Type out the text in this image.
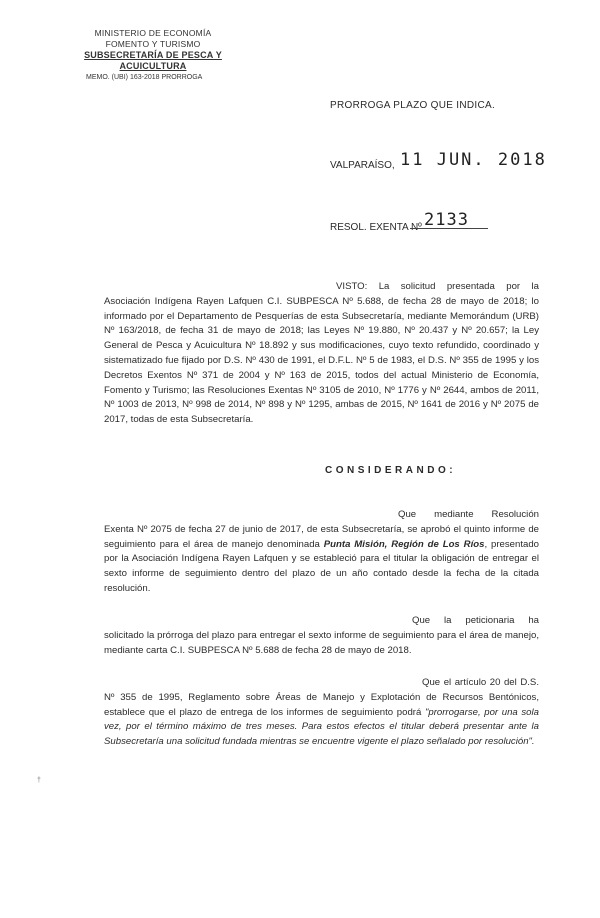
MINISTERIO DE ECONOMÍA
FOMENTO Y TURISMO
SUBSECRETARÍA DE PESCA Y ACUICULTURA
MEMO. (UBI) 163-2018 PRORROGA
PRORROGA PLAZO QUE INDICA.
VALPARAÍSO, 11 JUN. 2018
RESOL. EXENTA Nº 2133
VISTO: La solicitud presentada por la Asociación Indígena Rayen Lafquen C.I. SUBPESCA Nº 5.688, de fecha 28 de mayo de 2018; lo informado por el Departamento de Pesquerías de esta Subsecretaría, mediante Memorándum (URB) Nº 163/2018, de fecha 31 de mayo de 2018; las Leyes Nº 19.880, Nº 20.437 y Nº 20.657; la Ley General de Pesca y Acuicultura Nº 18.892 y sus modificaciones, cuyo texto refundido, coordinado y sistematizado fue fijado por D.S. Nº 430 de 1991, el D.F.L. Nº 5 de 1983, el D.S. Nº 355 de 1995 y los Decretos Exentos Nº 371 de 2004 y Nº 163 de 2015, todos del actual Ministerio de Economía, Fomento y Turismo; las Resoluciones Exentas Nº 3105 de 2010, Nº 1776 y Nº 2644, ambos de 2011, Nº 1003 de 2013, Nº 998 de 2014, Nº 898 y Nº 1295, ambas de 2015, Nº 1641 de 2016 y Nº 2075 de 2017, todas de esta Subsecretaría.
CONSIDERANDO:
Que mediante Resolución Exenta Nº 2075 de fecha 27 de junio de 2017, de esta Subsecretaría, se aprobó el quinto informe de seguimiento para el área de manejo denominada Punta Misión, Región de Los Ríos, presentado por la Asociación Indígena Rayen Lafquen y se estableció para el titular la obligación de entregar el sexto informe de seguimiento dentro del plazo de un año contado desde la fecha de la citada resolución.
Que la peticionaria ha solicitado la prórroga del plazo para entregar el sexto informe de seguimiento para el área de manejo, mediante carta C.I. SUBPESCA Nº 5.688 de fecha 28 de mayo de 2018.
Que el artículo 20 del D.S. Nº 355 de 1995, Reglamento sobre Áreas de Manejo y Explotación de Recursos Bentónicos, establece que el plazo de entrega de los informes de seguimiento podrá "prorrogarse, por una sola vez, por el término máximo de tres meses. Para estos efectos el titular deberá presentar ante la Subsecretaría una solicitud fundada mientras se encuentre vigente el plazo señalado por resolución".
†
